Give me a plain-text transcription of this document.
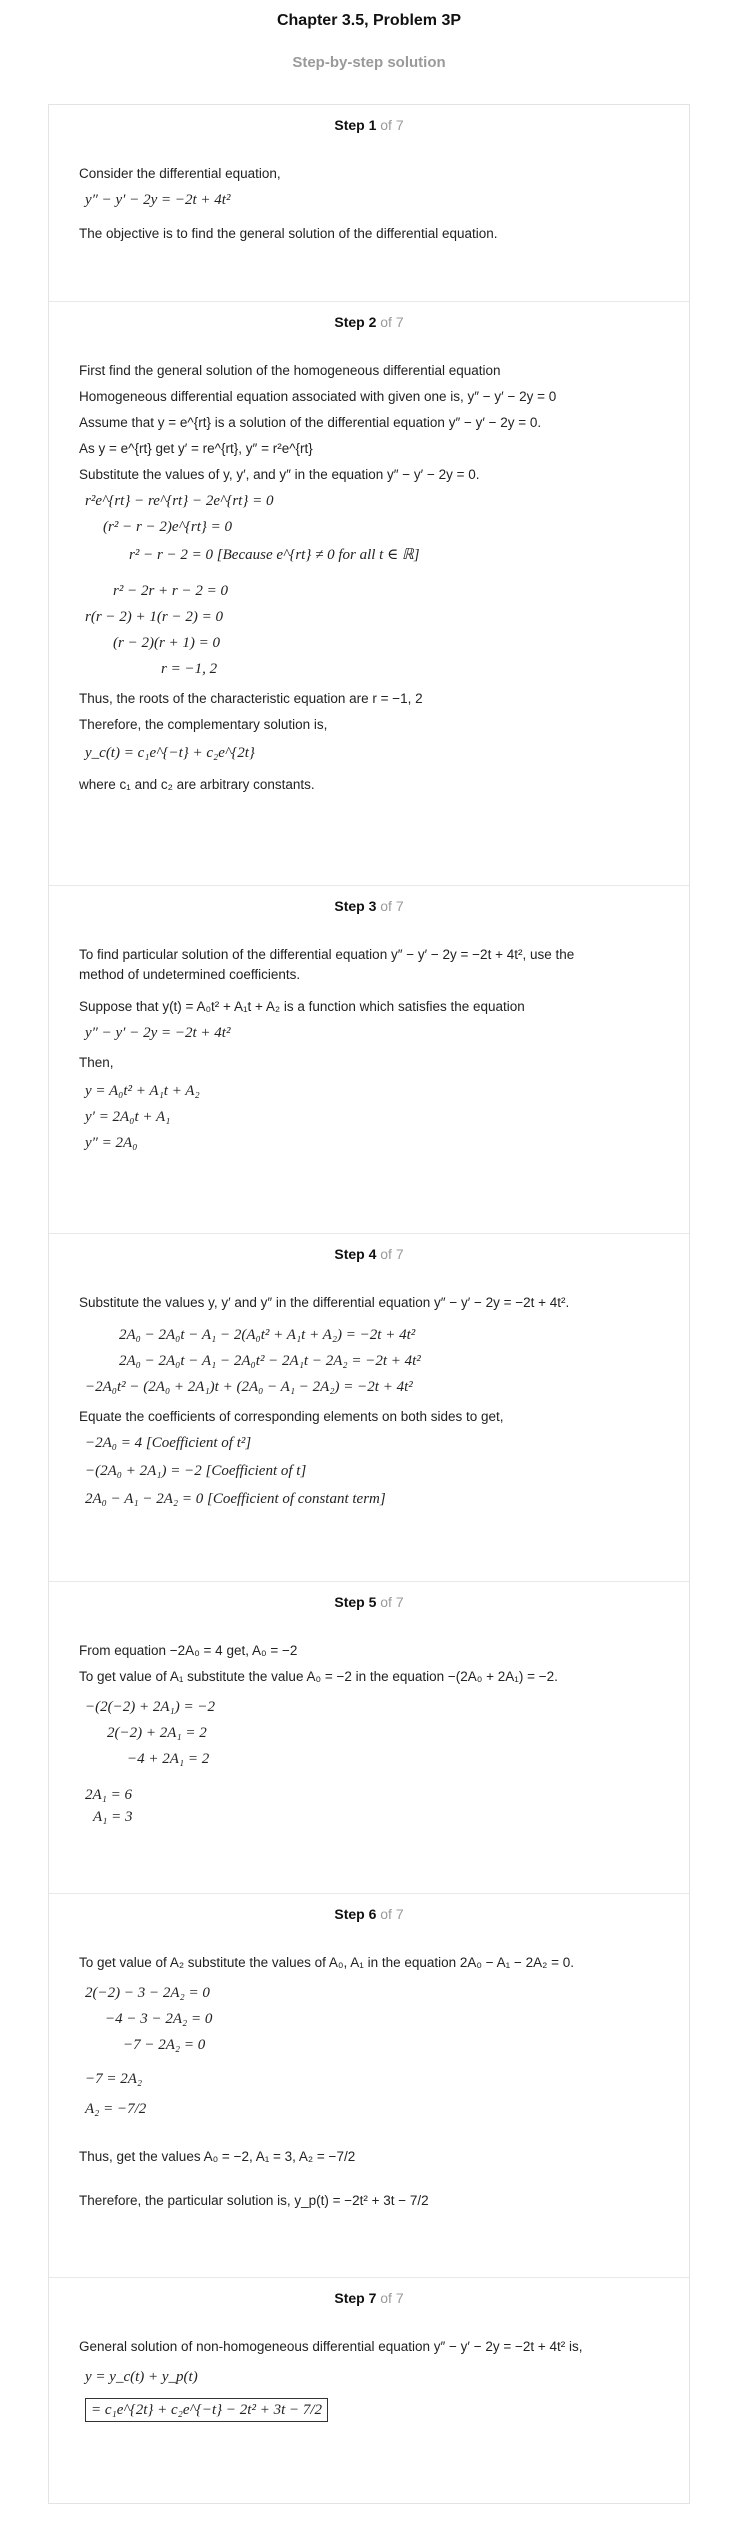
Chapter 3.5, Problem 3P
Step-by-step solution
Step 1 of 7
Consider the differential equation,
y″ − y′ − 2y = −2t + 4t²
The objective is to find the general solution of the differential equation.
Step 2 of 7
First find the general solution of the homogeneous differential equation
Homogeneous differential equation associated with given one is, y″ − y′ − 2y = 0
Assume that y = e^{rt} is a solution of the differential equation y″ − y′ − 2y = 0.
As y = e^{rt} get y′ = re^{rt}, y″ = r²e^{rt}
Substitute the values of y, y′, and y″ in the equation y″ − y′ − 2y = 0.
r²e^{rt} − re^{rt} − 2e^{rt} = 0
(r² − r − 2)e^{rt} = 0
r² − r − 2 = 0 [Because e^{rt} ≠ 0 for all t ∈ ℝ]
r² − 2r + r − 2 = 0
r(r − 2) + 1(r − 2) = 0
(r − 2)(r + 1) = 0
r = −1, 2
Thus, the roots of the characteristic equation are r = −1, 2
Therefore, the complementary solution is,
y_c(t) = c₁e^{−t} + c₂e^{2t}
where c₁ and c₂ are arbitrary constants.
Step 3 of 7
To find particular solution of the differential equation y″ − y′ − 2y = −2t + 4t², use the
method of undetermined coefficients.
Suppose that y(t) = A₀t² + A₁t + A₂ is a function which satisfies the equation
y″ − y′ − 2y = −2t + 4t²
Then,
y = A₀t² + A₁t + A₂
y′ = 2A₀t + A₁
y″ = 2A₀
Step 4 of 7
Substitute the values y, y′ and y″ in the differential equation y″ − y′ − 2y = −2t + 4t².
2A₀ − 2A₀t − A₁ − 2(A₀t² + A₁t + A₂) = −2t + 4t²
2A₀ − 2A₀t − A₁ − 2A₀t² − 2A₁t − 2A₂ = −2t + 4t²
−2A₀t² − (2A₀ + 2A₁)t + (2A₀ − A₁ − 2A₂) = −2t + 4t²
Equate the coefficients of corresponding elements on both sides to get,
−2A₀ = 4 [Coefficient of t²]
−(2A₀ + 2A₁) = −2 [Coefficient of t]
2A₀ − A₁ − 2A₂ = 0 [Coefficient of constant term]
Step 5 of 7
From equation −2A₀ = 4 get, A₀ = −2
To get value of A₁ substitute the value A₀ = −2 in the equation −(2A₀ + 2A₁) = −2.
−(2(−2) + 2A₁) = −2
2(−2) + 2A₁ = 2
−4 + 2A₁ = 2
2A₁ = 6
A₁ = 3
Step 6 of 7
To get value of A₂ substitute the values of A₀, A₁ in the equation 2A₀ − A₁ − 2A₂ = 0.
2(−2) − 3 − 2A₂ = 0
−4 − 3 − 2A₂ = 0
−7 − 2A₂ = 0
−7 = 2A₂
A₂ = −7/2
Thus, get the values A₀ = −2, A₁ = 3, A₂ = −7/2
Therefore, the particular solution is, y_p(t) = −2t² + 3t − 7/2
Step 7 of 7
General solution of non-homogeneous differential equation y″ − y′ − 2y = −2t + 4t² is,
y = y_c(t) + y_p(t)
= c₁e^{2t} + c₂e^{−t} − 2t² + 3t − 7/2
